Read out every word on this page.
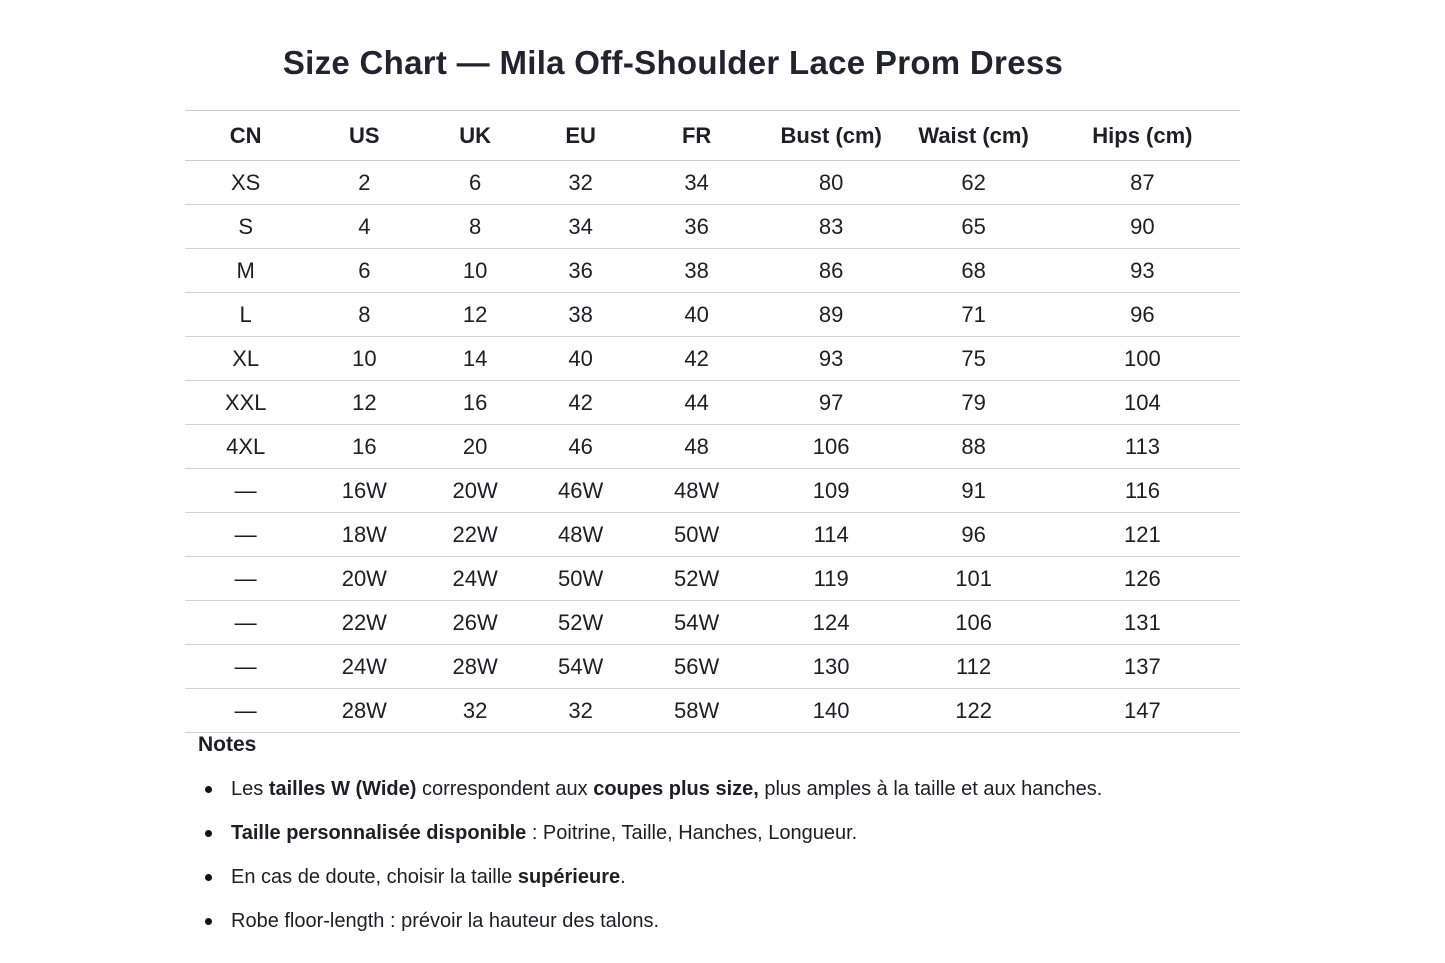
Size Chart — Mila Off-Shoulder Lace Prom Dress
CN	US	UK	EU	FR	Bust (cm)	Waist (cm)	Hips (cm)
XS	2	6	32	34	80	62	87
S	4	8	34	36	83	65	90
M	6	10	36	38	86	68	93
L	8	12	38	40	89	71	96
XL	10	14	40	42	93	75	100
XXL	12	16	42	44	97	79	104
4XL	16	20	46	48	106	88	113
—	16W	20W	46W	48W	109	91	116
—	18W	22W	48W	50W	114	96	121
—	20W	24W	50W	52W	119	101	126
—	22W	26W	52W	54W	124	106	131
—	24W	28W	54W	56W	130	112	137
—	28W	32	32	58W	140	122	147
Notes
Les tailles W (Wide) correspondent aux coupes plus size, plus amples à la taille et aux hanches.
Taille personnalisée disponible : Poitrine, Taille, Hanches, Longueur.
En cas de doute, choisir la taille supérieure.
Robe floor-length : prévoir la hauteur des talons.
